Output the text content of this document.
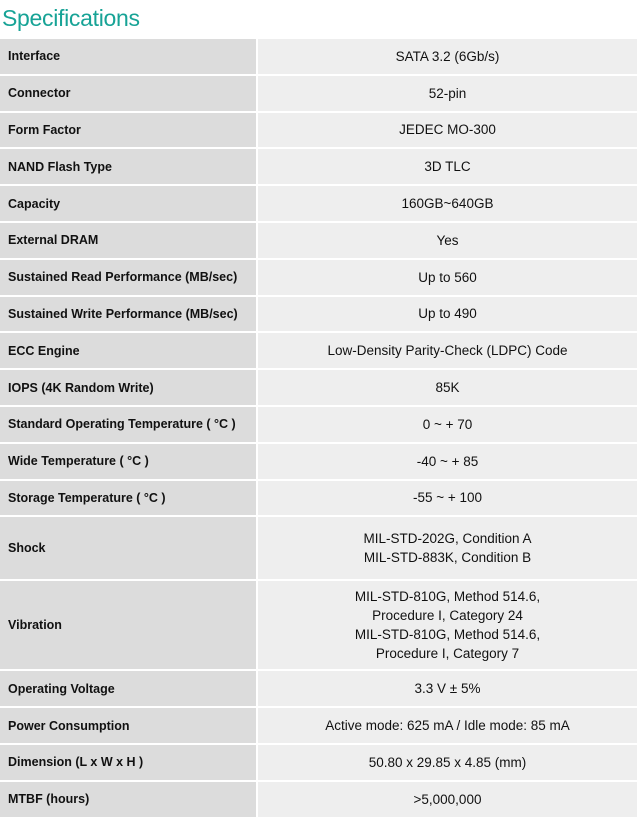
Specifications
Interface	SATA 3.2 (6Gb/s)

Connector	52-pin

Form Factor	JEDEC MO-300

NAND Flash Type	3D TLC

Capacity	160GB~640GB

External DRAM	Yes

Sustained Read Performance (MB/sec)	Up to 560

Sustained Write Performance (MB/sec)	Up to 490

ECC Engine	Low-Density Parity-Check (LDPC) Code

IOPS (4K Random Write)	85K

Standard Operating Temperature ( °C )	0 ~ + 70

Wide Temperature ( °C )	-40 ~ + 85

Storage Temperature ( °C )	-55 ~ + 100

Shock	MIL-STD-202G, Condition A
MIL-STD-883K, Condition B

Vibration	MIL-STD-810G, Method 514.6,
Procedure I, Category 24
MIL-STD-810G, Method 514.6,
Procedure I, Category 7

Operating Voltage	3.3 V ± 5%

Power Consumption	Active mode: 625 mA / Idle mode: 85 mA

Dimension (L x W x H )	50.80 x 29.85 x 4.85 (mm)

MTBF (hours)	>5,000,000
